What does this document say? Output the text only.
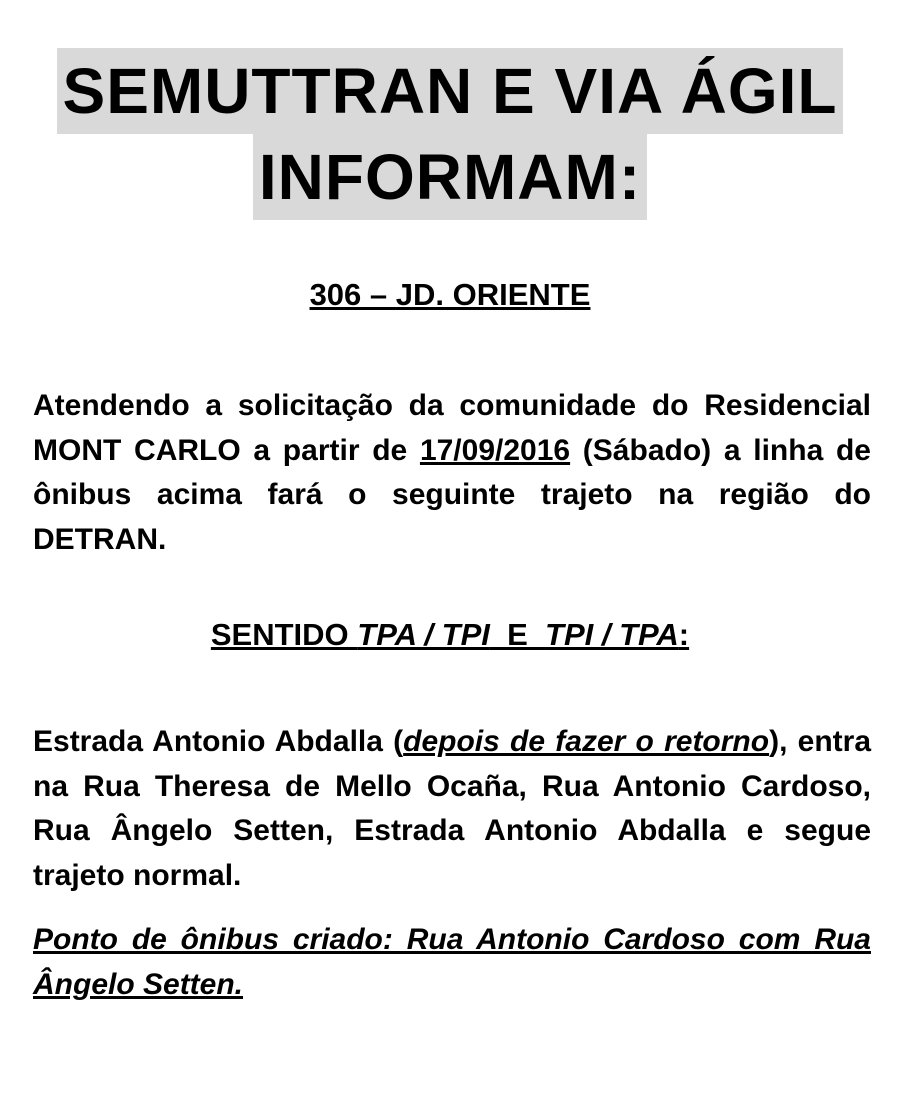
SEMUTTRAN E VIA ÁGIL
INFORMAM:
306 – JD. ORIENTE
Atendendo a solicitação da comunidade do Residencial MONT CARLO a partir de 17/09/2016 (Sábado) a linha de ônibus acima fará o seguinte trajeto na região do DETRAN.
SENTIDO TPA / TPI  E  TPI / TPA:
Estrada Antonio Abdalla (depois de fazer o retorno), entra na Rua Theresa de Mello Ocaña, Rua Antonio Cardoso, Rua Ângelo Setten, Estrada Antonio Abdalla e segue trajeto normal.
Ponto de ônibus criado: Rua Antonio Cardoso com Rua Ângelo Setten.
